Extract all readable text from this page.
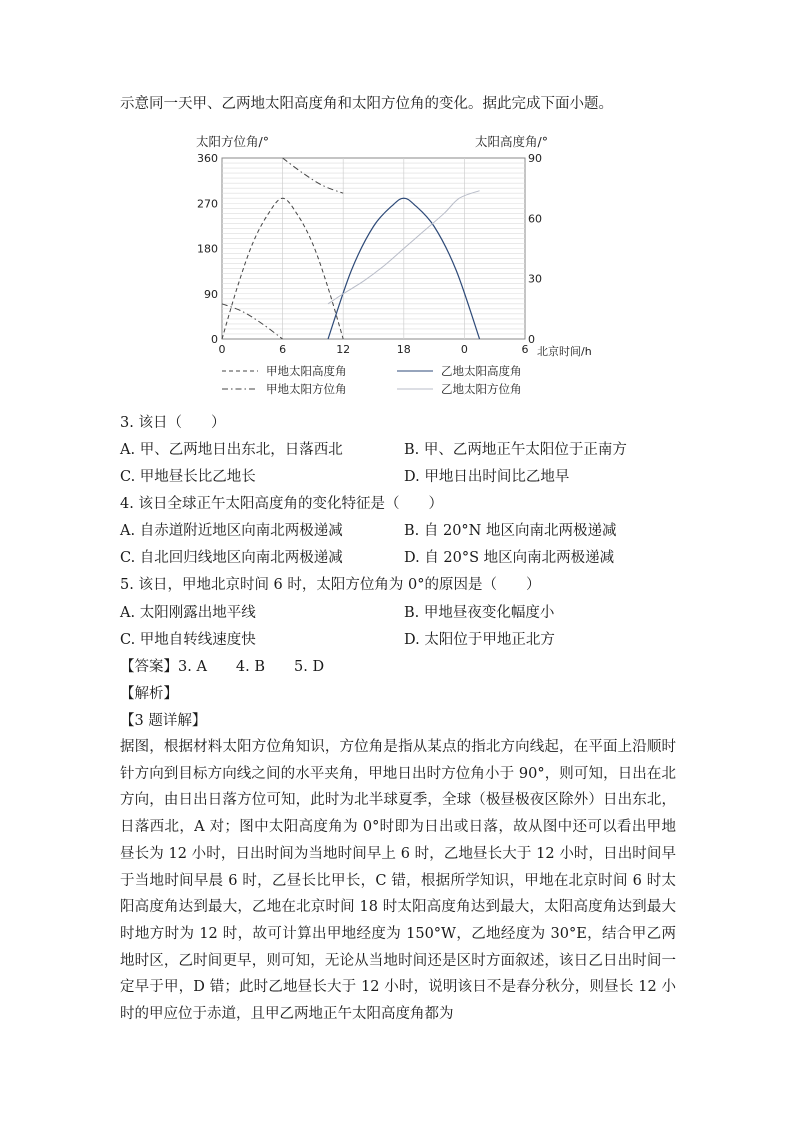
示意同一天甲、乙两地太阳高度角和太阳方位角的变化。据此完成下面小题。
太阳方位角/°	太阳高度角/°
0
90
180
270
360
0
30
60
90
0	6	12	18	0	6 北京时间/h
甲地太阳高度角	乙地太阳高度角
甲地太阳方位角	乙地太阳方位角
3. 该日（　　）
A. 甲、乙两地日出东北，日落西北	B. 甲、乙两地正午太阳位于正南方
C. 甲地昼长比乙地长	D. 甲地日出时间比乙地早
4. 该日全球正午太阳高度角的变化特征是（　　）
A. 自赤道附近地区向南北两极递减	B. 自 20°N 地区向南北两极递减
C. 自北回归线地区向南北两极递减	D. 自 20°S 地区向南北两极递减
5. 该日，甲地北京时间 6 时，太阳方位角为 0°的原因是（　　）
A. 太阳刚露出地平线	B. 甲地昼夜变化幅度小
C. 甲地自转线速度快	D. 太阳位于甲地正北方
【答案】3. A　　4. B　　5. D
【解析】
【3 题详解】

据图，根据材料太阳方位角知识，方位角是指从某点的指北方向线起，在平面上沿顺时针方向到目标方向线之间的水平夹角，甲地日出时方位角小于 90°，则可知，日出在北方向，由日出日落方位可知，此时为北半球夏季，全球（极昼极夜区除外）日出东北，日落西北，A 对；图中太阳高度角为 0°时即为日出或日落，故从图中还可以看出甲地昼长为 12 小时，日出时间为当地时间早上 6 时，乙地昼长大于 12 小时，日出时间早于当地时间早晨 6 时，乙昼长比甲长，C 错，根据所学知识，甲地在北京时间 6 时太阳高度角达到最大，乙地在北京时间 18 时太阳高度角达到最大，太阳高度角达到最大时地方时为 12 时，故可计算出甲地经度为 150°W，乙地经度为 30°E，结合甲乙两地时区，乙时间更早，则可知，无论从当地时间还是区时方面叙述，该日乙日出时间一定早于甲，D 错；此时乙地昼长大于 12 小时，说明该日不是春分秋分，则昼长 12 小时的甲应位于赤道，且甲乙两地正午太阳高度角都为
